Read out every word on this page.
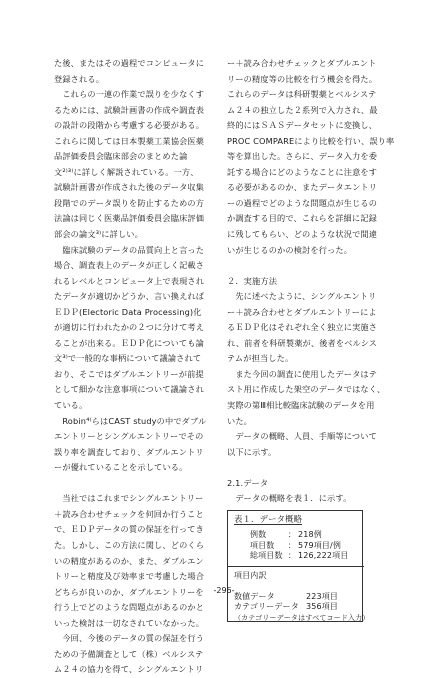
た後、またはその過程でコンピュータに

登録される。

　これらの一連の作業で誤りを少なくす

るためには、試験計画書の作成や調査表

の設計の段階から考慮する必要がある。

これらに関しては日本製薬工業協会医薬

品評価委員会臨床部会のまとめた論

文²⁾³⁾に詳しく解説されている。一方、

試験計画書が作成された後のデータ収集

段階でのデータ誤りを防止するための方

法論は同じく医薬品評価委員会臨床評価

部会の論文³⁾に詳しい。

　臨床試験のデータの品質向上と言った

場合、調査表上のデータが正しく記載さ

れるレベルとコンピュータ上で表現され

たデータが適切かどうか、言い換えれば

ＥＤＰ(Electoric Data Processing)化

が適切に行われたかの２つに分けて考え

ることが出来る。ＥＤＰ化についても論

文³⁾で一般的な事柄について議論されて

おり、そこではダブルエントリーが前提

として細かな注意事項について議論され

ている。

　Robin⁴⁾らはCAST studyの中でダブル

エントリーとシングルエントリーでその

誤り率を調査しており、ダブルエントリ

ーが優れていることを示している。

　当社ではこれまでシングルエントリー

＋読み合わせチェックを何回か行うこと

で、ＥＤＰデータの質の保証を行ってき

た。しかし、この方法に関し、どのくら

いの精度があるのか、また、ダブルエン

トリーと精度及び効率まで考慮した場合

どちらが良いのか、ダブルエントリーを

行う上でどのような問題点があるのかと

いった検討は一切なされていなかった。

　今回、今後のデータの質の保証を行う

ための予備調査として（株）ベルシステ

ム２４の協力を得て、シングルエントリ

ー＋読み合わせチェックとダブルエント

リーの精度等の比較を行う機会を得た。

これらのデータは科研製薬とベルシステ

ム２４の独立した２系列で入力され、最

終的にはＳＡＳデータセットに変換し、

PROC COMPAREにより比較を行い、誤り率

等を算出した。さらに、データ入力を委

託する場合にどのようなことに注意をす

る必要があるのか、またデータエントリ

ーの過程でどのような問題点が生じるの

か調査する目的で、これらを詳細に記録

に残してもらい、どのような状況で間違

いが生じるのかの検討を行った。

２．実施方法

　先に述べたように、シングルエントリ

ー＋読み合わせとダブルエントリーによ

るＥＤＰ化はそれぞれ全く独立に実施さ

れ、前者を科研製薬が、後者をベルシス

テムが担当した。

　また今回の調査に使用したデータはテ

スト用に作成した架空のデータではなく、

実際の第Ⅲ相比較臨床試験のデータを用

いた。

　データの概略、人員、手順等について

以下に示す。

2.1.データ

　データの概略を表１．に示す。

表１．データ概略
例数	： 218例
項目数	： 579項目/例
総項目数 ： 126,222項目
項目内訳
数値データ	223項目
カテゴリーデータ 356項目
（カテゴリーデータはすべてコード入力）
-296-
